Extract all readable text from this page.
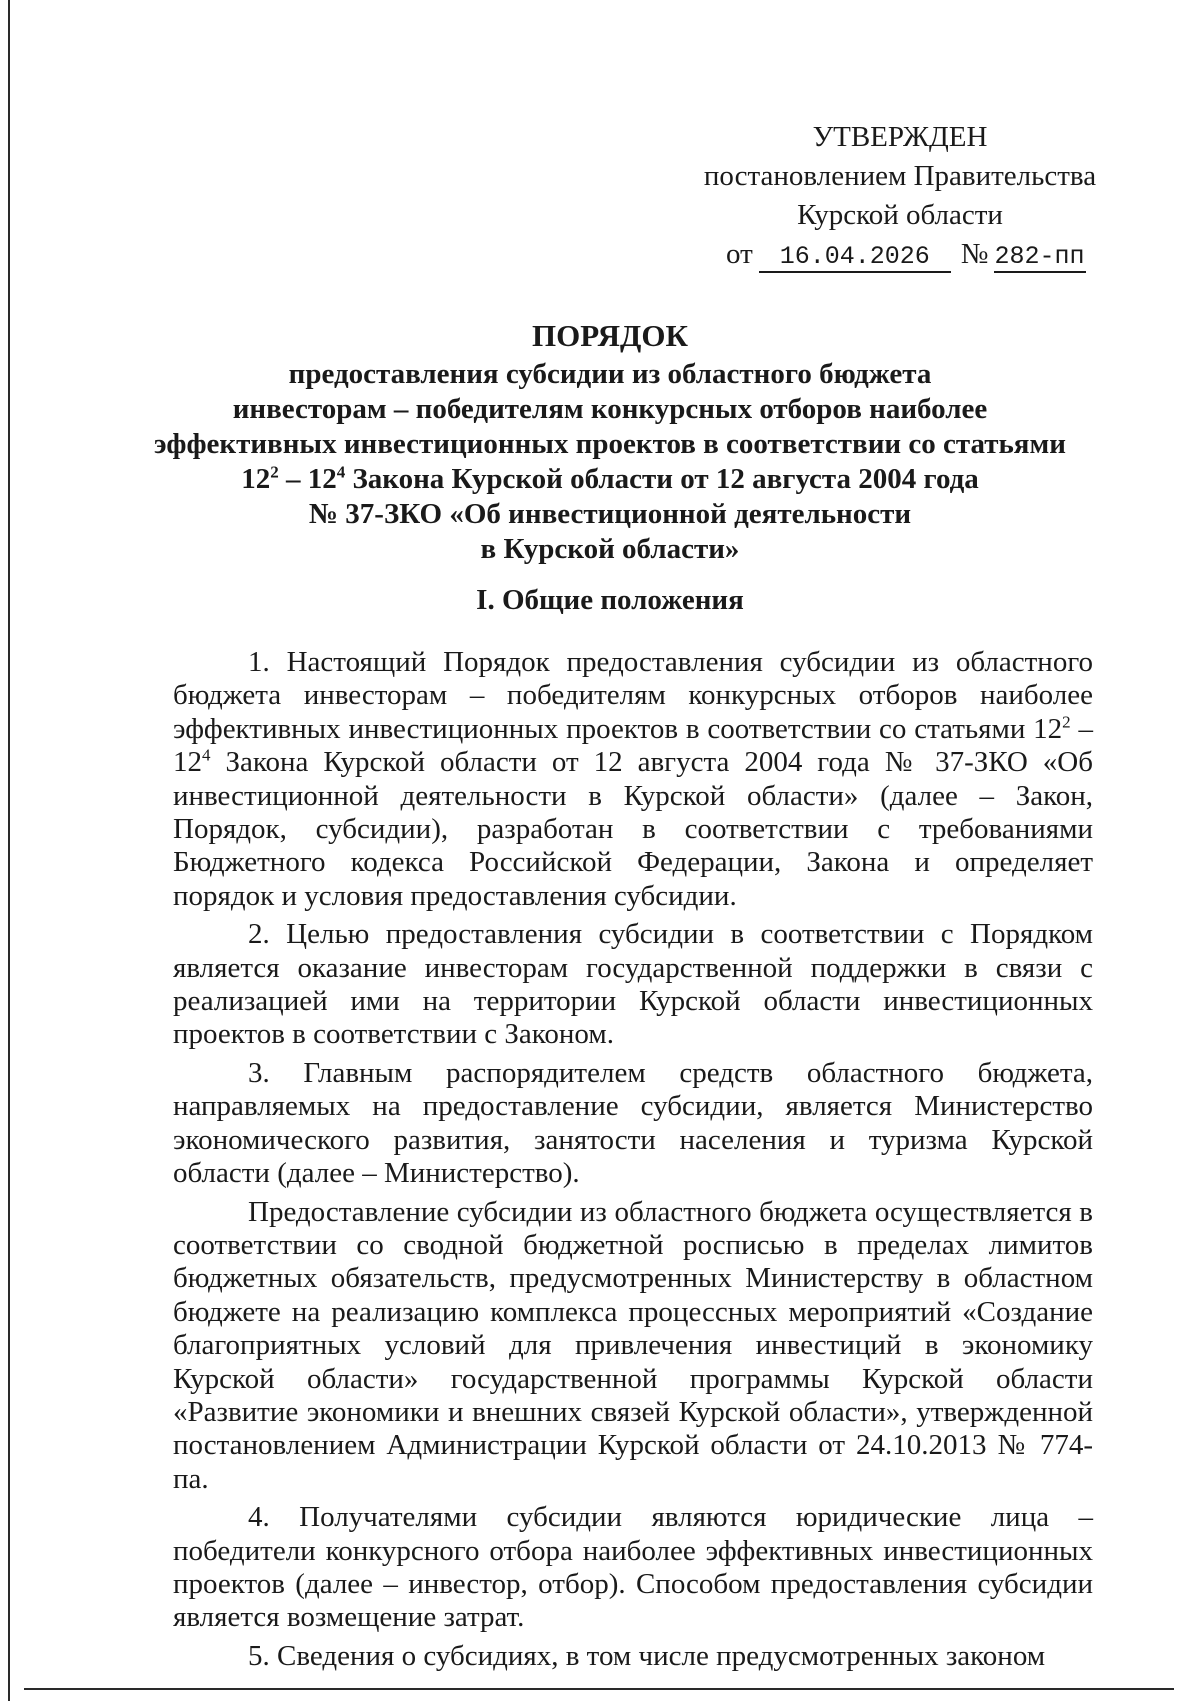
УТВЕРЖДЕН
постановлением Правительства
Курской области
от 16.04.2026 № 282-пп
ПОРЯДОК
предоставления субсидии из областного бюджета
инвесторам – победителям конкурсных отборов наиболее
эффективных инвестиционных проектов в соответствии со статьями
$12^2 - 12^4$ Закона Курской области от 12 августа 2004 года
№ 37-ЗКО «Об инвестиционной деятельности
в Курской области»
I. Общие положения

1. Настоящий Порядок предоставления субсидии из областного бюджета инвесторам – победителям конкурсных отборов наиболее эффективных инвестиционных проектов в соответствии со статьями $12^2 - 12^4$ Закона Курской области от 12 августа 2004 года № 37-ЗКО «Об инвестиционной деятельности в Курской области» (далее – Закон, Порядок, субсидии), разработан в соответствии с требованиями Бюджетного кодекса Российской Федерации, Закона и определяет порядок и условия предоставления субсидии.

2. Целью предоставления субсидии в соответствии с Порядком является оказание инвесторам государственной поддержки в связи с реализацией ими на территории Курской области инвестиционных проектов в соответствии с Законом.

3. Главным распорядителем средств областного бюджета, направляемых на предоставление субсидии, является Министерство экономического развития, занятости населения и туризма Курской области (далее – Министерство).

Предоставление субсидии из областного бюджета осуществляется в соответствии со сводной бюджетной росписью в пределах лимитов бюджетных обязательств, предусмотренных Министерству в областном бюджете на реализацию комплекса процессных мероприятий «Создание благоприятных условий для привлечения инвестиций в экономику Курской области» государственной программы Курской области «Развитие экономики и внешних связей Курской области», утвержденной постановлением Администрации Курской области от 24.10.2013 № 774-па.

4. Получателями субсидии являются юридические лица – победители конкурсного отбора наиболее эффективных инвестиционных проектов (далее – инвестор, отбор). Способом предоставления субсидии является возмещение затрат.

5. Сведения о субсидиях, в том числе предусмотренных законом
